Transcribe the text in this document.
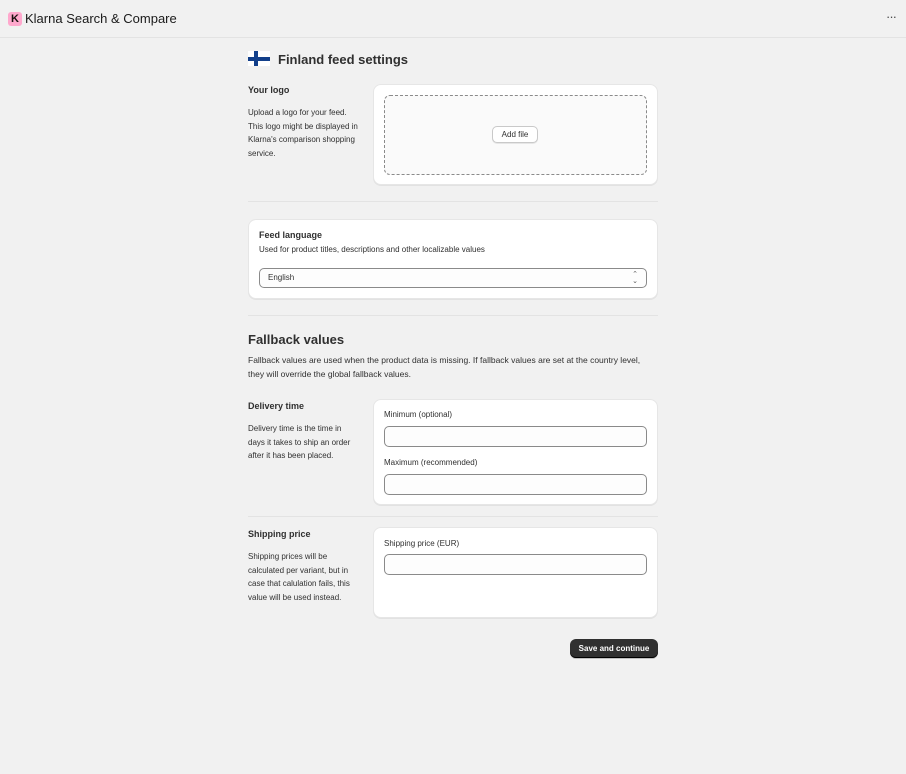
K Klarna Search & Compare	···
Finland feed settings
Your logo
Upload a logo for your feed. This logo might be displayed in Klarna's comparison shopping service.
Add file
Feed language
Used for product titles, descriptions and other localizable values
English	⌃
⌄
Fallback values
Fallback values are used when the product data is missing. If fallback values are set at the country level, they will override the global fallback values.
Delivery time
Delivery time is the time in days it takes to ship an order after it has been placed.
Minimum (optional)
Maximum (recommended)
Shipping price
Shipping prices will be calculated per variant, but in case that calulation fails, this value will be used instead.
Shipping price (EUR)
Save and continue
